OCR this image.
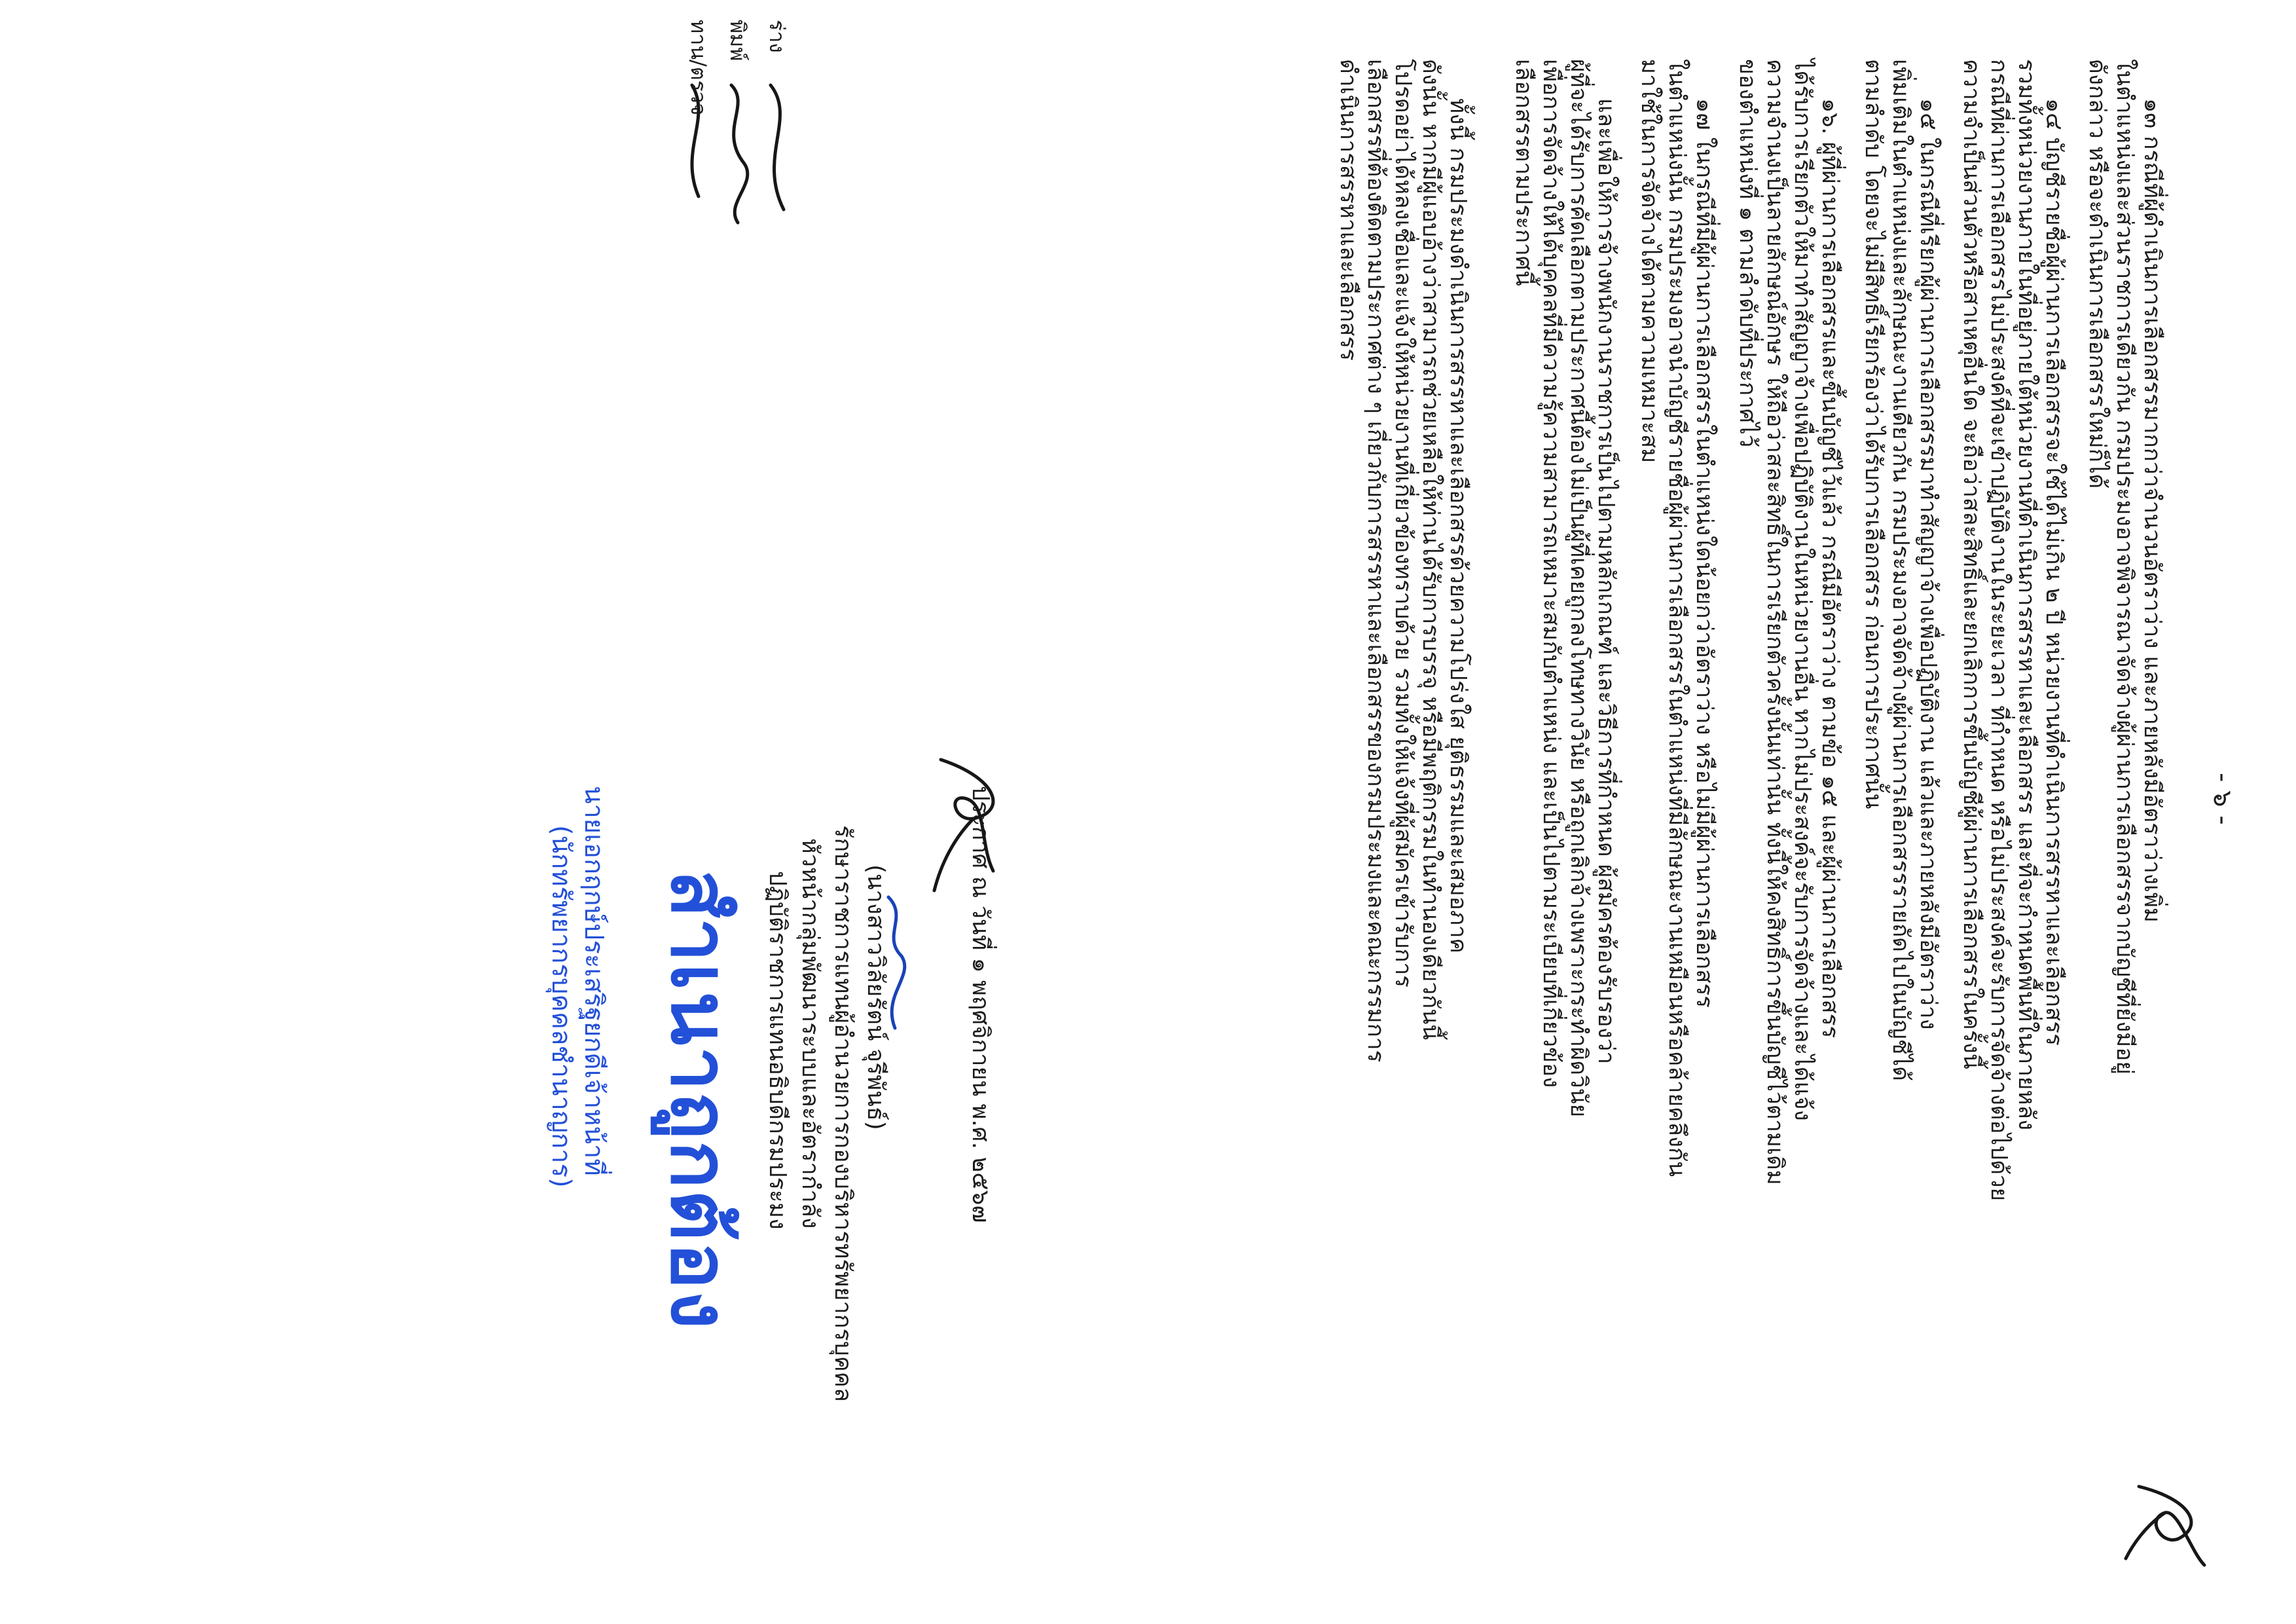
- ๖ -
๑๓ กรณีที่ผู้ดำเนินการเลือกสรรมากกว่าจำนวนอัตราว่าง และภายหลังมีอัตราว่างเพิ่ม
ในตำแหน่งและส่วนราชการเดียวกัน กรมประมงอาจพิจารณาจัดจ้างผู้ผ่านการเลือกสรรจากบัญชีที่ยังมีอยู่
ดังกล่าว หรือจะดำเนินการเลือกสรรใหม่ก็ได้
๑๔ บัญชีรายชื่อผู้ผ่านการเลือกสรรจะใช้ได้ไม่เกิน ๒ ปี หน่วยงานที่ดำเนินการสรรหาและเลือกสรร
รวมทั้งหน่วยงานภายในที่อยู่ภายใต้หน่วยงานที่ดำเนินการสรรหาและเลือกสรร และที่จะกำหนดพื้นที่ในภายหลัง
กรณีที่ผ่านการเลือกสรรไม่ประสงค์ที่จะเข้าปฏิบัติงานในระยะเวลา ที่กำหนด หรือไม่ประสงค์จะรับการจัดจ้างต่อไปด้วย
ความจำเป็นส่วนตัวหรือสาเหตุอื่นใด จะถือว่าสละสิทธิ์และยกเลิกการขึ้นบัญชีผู้ผ่านการเลือกสรรในครั้งนี้
๑๕ ในกรณีที่เรียกผู้ผ่านการเลือกสรรมาทำสัญญาจ้างเพื่อปฏิบัติงาน แล้วและภายหลังมีอัตราว่าง
เพิ่มเติมในตำแหน่งและลักษณะงานเดียวกัน กรมประมงอาจจัดจ้างผู้ผ่านการเลือกสรรรายถัดไปในบัญชีได้
ตามลำดับ โดยจะไม่มีสิทธิ์เรียกร้องว่าได้รับการเลือกสรร ก่อนการประกาศนั้น
๑๖. ผู้ที่ผ่านการเลือกสรรและขึ้นบัญชีไว้แล้ว กรณีมีอัตราว่าง ตามข้อ ๑๕ และผู้ผ่านการเลือกสรร
ได้รับการเรียกตัวให้มาทำสัญญาจ้างเพื่อปฏิบัติงานในหน่วยงานอื่น หากไม่ประสงค์จะรับการจัดจ้างและได้แจ้ง
ความจำนงเป็นลายลักษณ์อักษร ให้ถือว่าสละสิทธิ์ในการเรียกตัวครั้งนั้นเท่านั้น ทั้งนี้ให้คงสิทธิ์การขึ้นบัญชีไว้ตามเดิม
ของตำแหน่งที่ ๑ ตามลำดับที่ประกาศไว้
๑๗ ในกรณีที่มีผู้ผ่านการเลือกสรรในตำแหน่งใดน้อยกว่าอัตราว่าง หรือไม่มีผู้ผ่านการเลือกสรร
ในตำแหน่งนั้น กรมประมงอาจนำบัญชีรายชื่อผู้ผ่านการเลือกสรรในตำแหน่งที่มีลักษณะงานเหมือนหรือคล้ายคลึงกัน
มาใช้ในการจัดจ้างได้ตามความเหมาะสม
และเพื่อให้การจ้างพนักงานราชการเป็นไปตามหลักเกณฑ์ และวิธีการที่กำหนด ผู้สมัครต้องรับรองว่า
ผู้ที่จะได้รับการคัดเลือกตามประกาศนี้ต้องไม่เป็นผู้ที่เคยถูกลงโทษทางวินัย หรือถูกเลิกจ้างเพราะกระทำผิดวินัย
เพื่อการจัดจ้างให้ได้บุคคลที่มีความรู้ความสามารถเหมาะสมกับตำแหน่ง และเป็นไปตามระเบียบที่เกี่ยวข้อง
เลือกสรรตามประกาศนี้
ทั้งนี้ กรมประมงดำเนินการสรรหาและเลือกสรรด้วยความโปร่งใส ยุติธรรมและเสมอภาค
ดังนั้น หากมีผู้แอบอ้างว่าสามารถช่วยเหลือให้ท่านได้รับการบรรจุ หรือมีพฤติกรรมในทำนองเดียวกันนี้
โปรดอย่าได้หลงเชื่อและแจ้งให้หน่วยงานที่เกี่ยวข้องทราบด้วย รวมทั้งให้แจ้งที่ผู้สมัครเข้ารับการ
เลือกสรรที่ต้องติดตามประกาศต่าง ๆ เกี่ยวกับการสรรหาและเลือกสรรของกรมประมงและคณะกรรมการ
ดำเนินการสรรหาและเลือกสรร
ประกาศ ณ วันที่ ๑ พฤศจิกายน พ.ศ. ๒๕๖๗
(นางสาววิลัยรัตน์ จุรีพันธ์)
รักษาราชการแทนผู้อำนวยการกองบริหารทรัพยากรบุคคล
หัวหน้ากลุ่มพัฒนาระบบและอัตรากำลัง
ปฏิบัติราชการแทนอธิบดีกรมประมง
สำเนาถูกต้อง
นายเอกฤกษ์ประเสริฐยกดีเจ้าหน้าที่
(นักทรัพยากรบุคคลชำนาญการ)
ร่าง
พิมพ์
ทาน/ตรวจ
